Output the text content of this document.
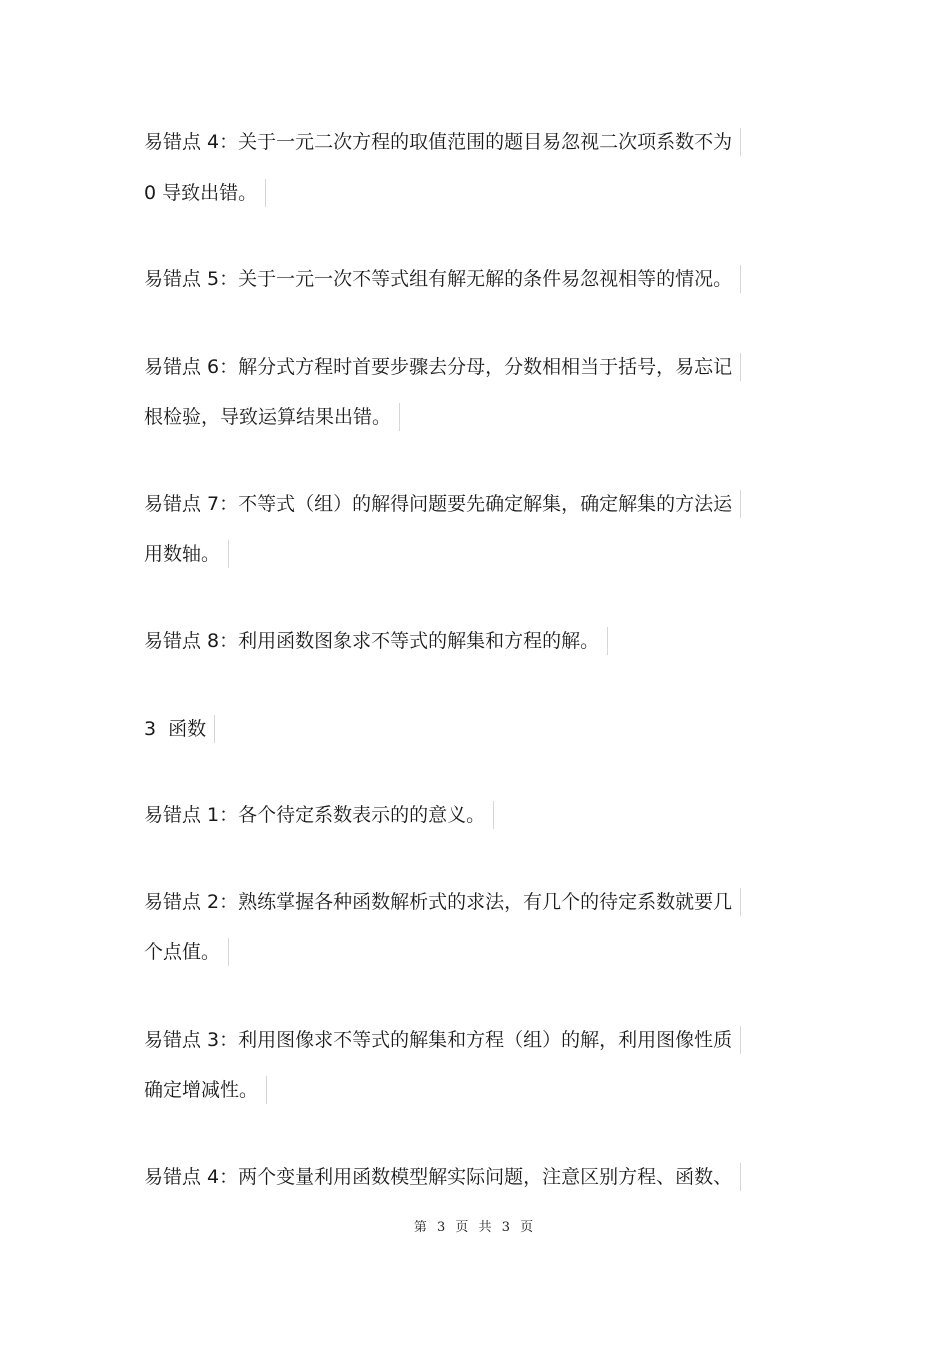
易错点 4：关于一元二次方程的取值范围的题目易忽视二次项系数不为
0 导致出错。
易错点 5：关于一元一次不等式组有解无解的条件易忽视相等的情况。
易错点 6：解分式方程时首要步骤去分母，分数相相当于括号，易忘记
根检验，导致运算结果出错。
易错点 7：不等式（组）的解得问题要先确定解集，确定解集的方法运
用数轴。
易错点 8：利用函数图象求不等式的解集和方程的解。
3  函数
易错点 1：各个待定系数表示的的意义。
易错点 2：熟练掌握各种函数解析式的求法，有几个的待定系数就要几
个点值。
易错点 3：利用图像求不等式的解集和方程（组）的解，利用图像性质
确定增减性。
易错点 4：两个变量利用函数模型解实际问题，注意区别方程、函数、
第 3 页 共 3 页
